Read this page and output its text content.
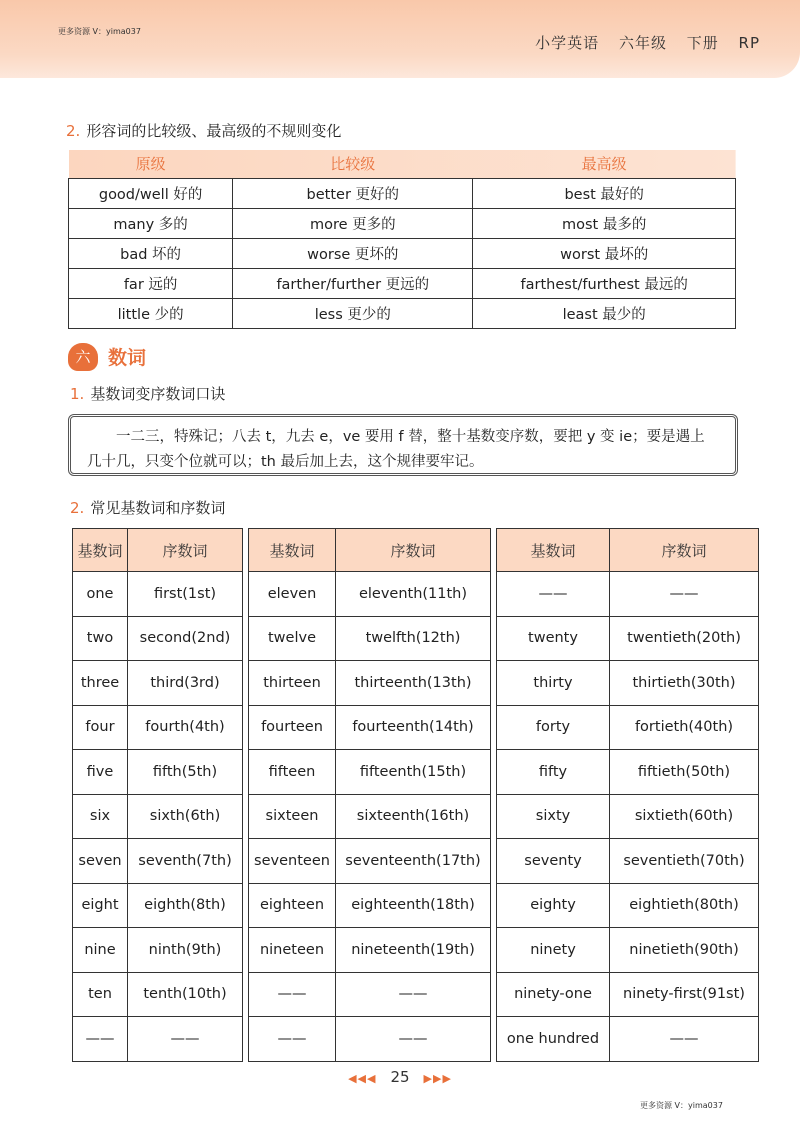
更多资源 V：yima037
小学英语 六年级 下册 RP
2. 形容词的比较级、最高级的不规则变化
原级	比较级	最高级
good/well 好的	better 更好的	best 最好的
many 多的	more 更多的	most 最多的
bad 坏的	worse 更坏的	worst 最坏的
far 远的	farther/further 更远的	farthest/furthest 最远的
little 少的	less 更少的	least 最少的
六 数词
1. 基数词变序数词口诀

一二三，特殊记；八去 t，九去 e，ve 要用 f 替，整十基数变序数，要把 y 变 ie；要是遇上几十几，只变个位就可以；th 最后加上去，这个规律要牢记。

2. 常见基数词和序数词
基数词	序数词		基数词	序数词		基数词	序数词
one	first(1st)		eleven	eleventh(11th)		——	——
two	second(2nd)		twelve	twelfth(12th)		twenty	twentieth(20th)
three	third(3rd)		thirteen	thirteenth(13th)		thirty	thirtieth(30th)
four	fourth(4th)		fourteen	fourteenth(14th)		forty	fortieth(40th)
five	fifth(5th)		fifteen	fifteenth(15th)		fifty	fiftieth(50th)
six	sixth(6th)		sixteen	sixteenth(16th)		sixty	sixtieth(60th)
seven	seventh(7th)		seventeen	seventeenth(17th)		seventy	seventieth(70th)
eight	eighth(8th)		eighteen	eighteenth(18th)		eighty	eightieth(80th)
nine	ninth(9th)		nineteen	nineteenth(19th)		ninety	ninetieth(90th)
ten	tenth(10th)		——	——		ninety-one	ninety-first(91st)
——	——		——	——		one hundred	——
◀◀◀ 25 ▶▶▶
更多资源 V：yima037
